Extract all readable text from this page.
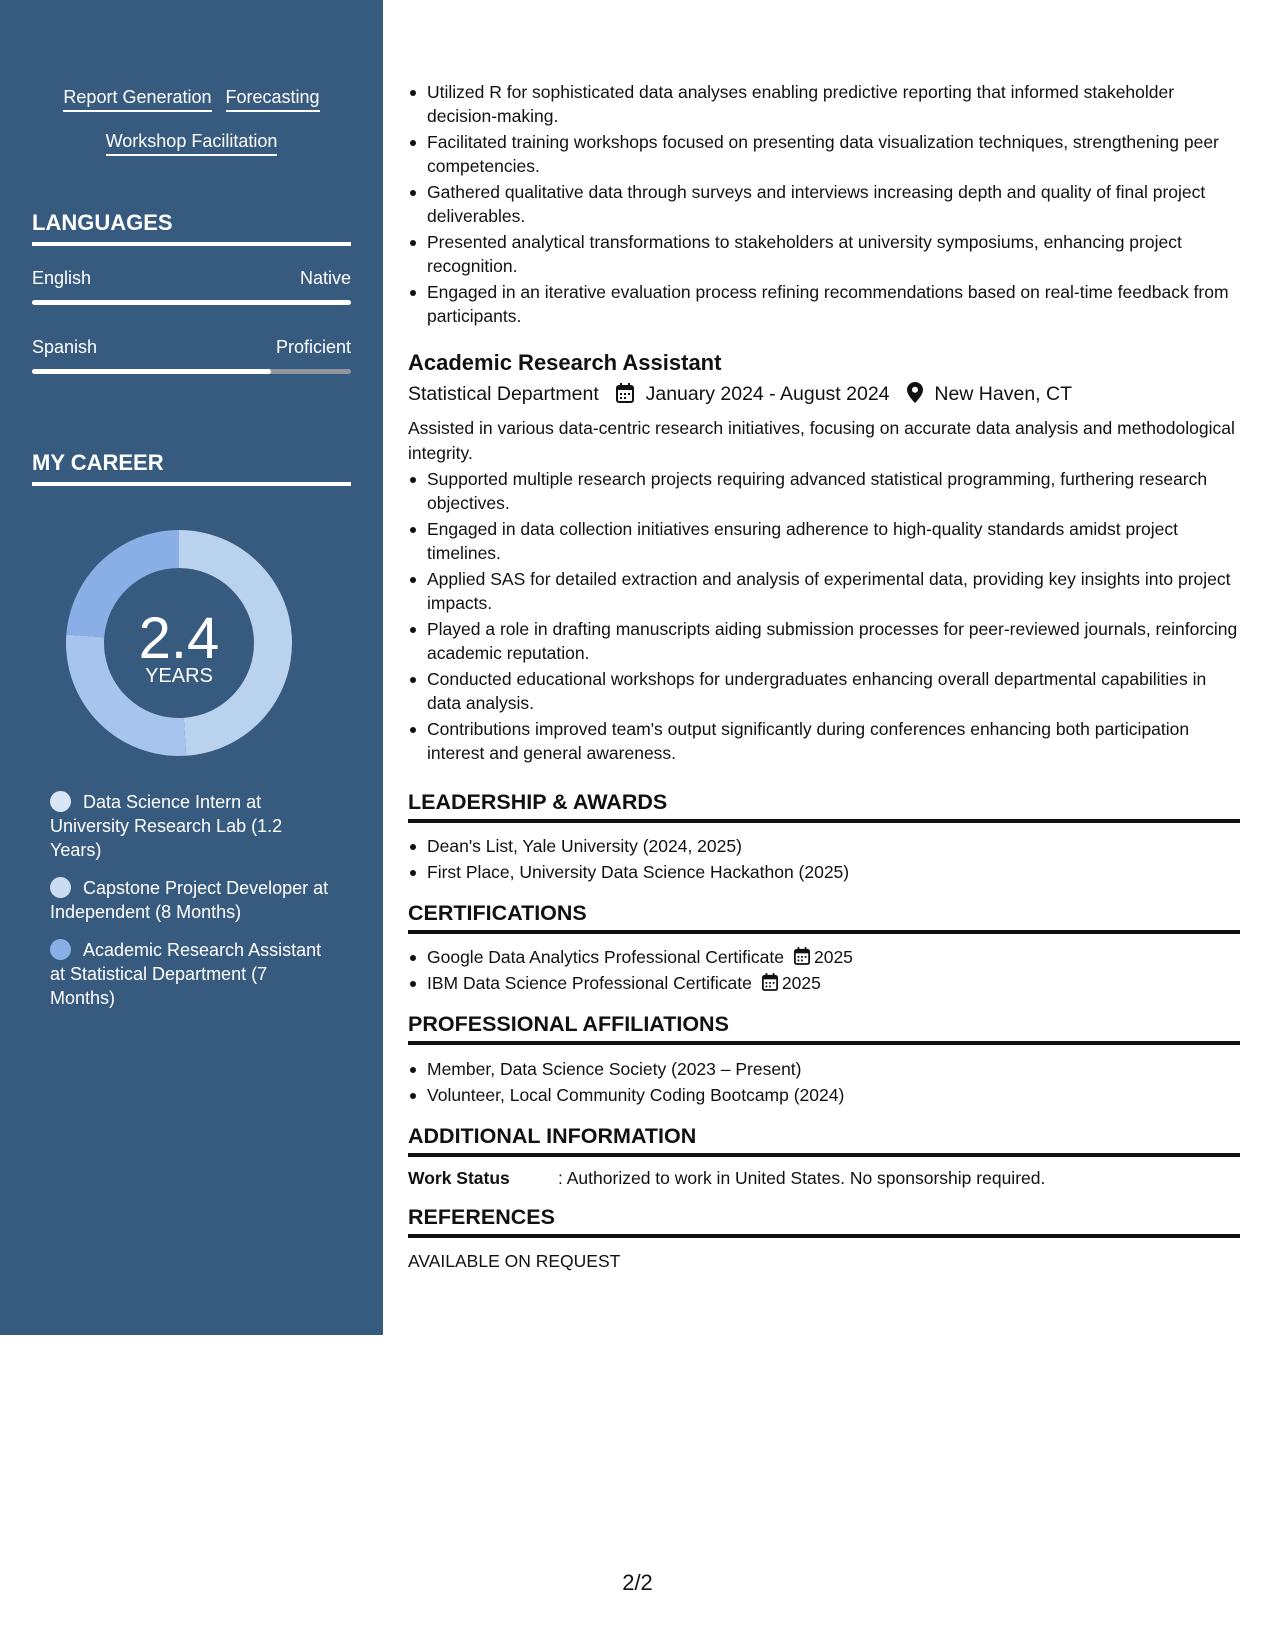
Report Generation Forecasting
Workshop Facilitation
LANGUAGES
English	Native
Spanish	Proficient
MY CAREER
2.4
YEARS
Data Science Intern at University Research Lab (1.2 Years)
Capstone Project Developer at Independent (8 Months)
Academic Research Assistant at Statistical Department (7 Months)
Utilized R for sophisticated data analyses enabling predictive reporting that informed stakeholder decision-making.
Facilitated training workshops focused on presenting data visualization techniques, strengthening peer competencies.
Gathered qualitative data through surveys and interviews increasing depth and quality of final project deliverables.
Presented analytical transformations to stakeholders at university symposiums, enhancing project recognition.
Engaged in an iterative evaluation process refining recommendations based on real-time feedback from participants.
Academic Research Assistant
Statistical Department January 2024 - August 2024 New Haven, CT
Assisted in various data-centric research initiatives, focusing on accurate data analysis and methodological integrity.
Supported multiple research projects requiring advanced statistical programming, furthering research objectives.
Engaged in data collection initiatives ensuring adherence to high-quality standards amidst project timelines.
Applied SAS for detailed extraction and analysis of experimental data, providing key insights into project impacts.
Played a role in drafting manuscripts aiding submission processes for peer-reviewed journals, reinforcing academic reputation.
Conducted educational workshops for undergraduates enhancing overall departmental capabilities in data analysis.
Contributions improved team's output significantly during conferences enhancing both participation interest and general awareness.
LEADERSHIP & AWARDS
Dean's List, Yale University (2024, 2025)
First Place, University Data Science Hackathon (2025)
CERTIFICATIONS
Google Data Analytics Professional Certificate 2025
IBM Data Science Professional Certificate 2025
PROFESSIONAL AFFILIATIONS
Member, Data Science Society (2023 – Present)
Volunteer, Local Community Coding Bootcamp (2024)
ADDITIONAL INFORMATION
Work Status	: Authorized to work in United States. No sponsorship required.
REFERENCES
AVAILABLE ON REQUEST
2/2
